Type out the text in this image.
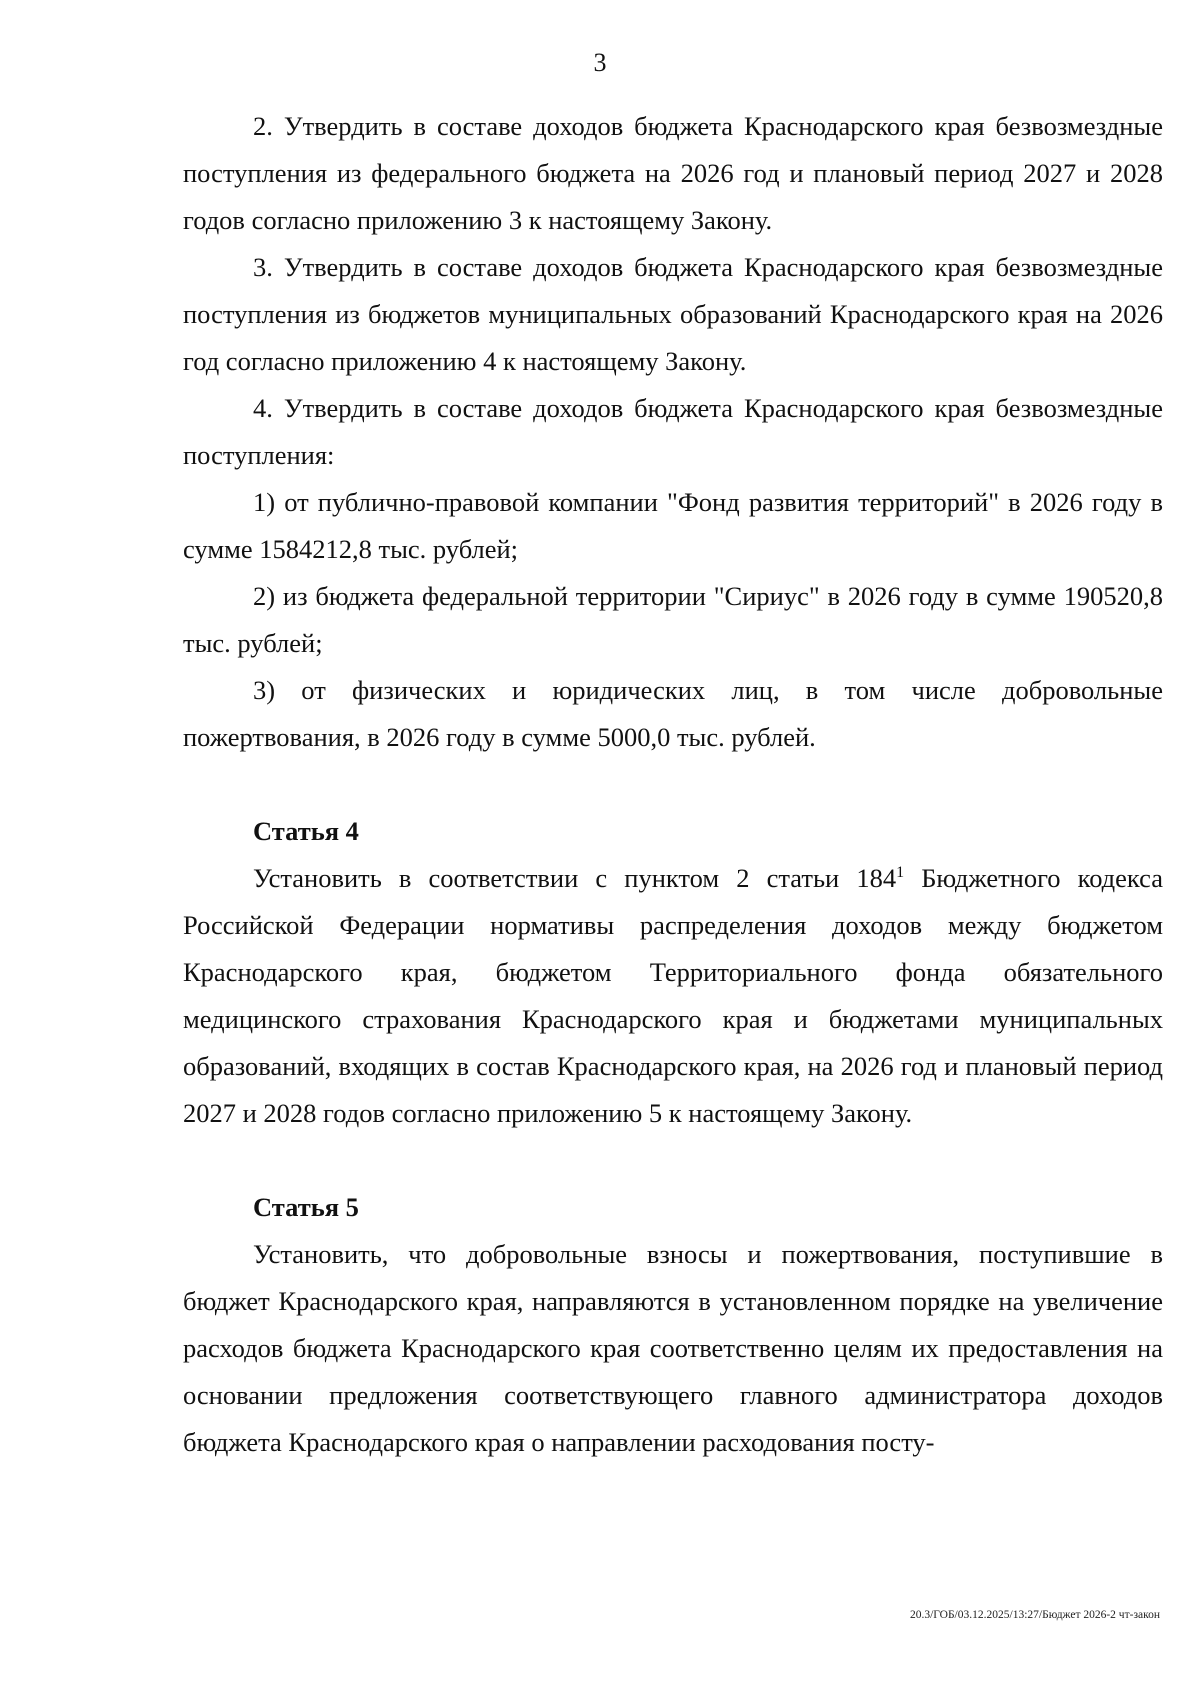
3

2. Утвердить в составе доходов бюджета Краснодарского края безвозмездные поступления из федерального бюджета на 2026 год и плановый период 2027 и 2028 годов согласно приложению 3 к настоящему Закону.

3. Утвердить в составе доходов бюджета Краснодарского края безвозмездные поступления из бюджетов муниципальных образований Краснодарского края на 2026 год согласно приложению 4 к настоящему Закону.

4. Утвердить в составе доходов бюджета Краснодарского края безвозмездные поступления:

1) от публично-правовой компании "Фонд развития территорий" в 2026 году в сумме 1584212,8 тыс. рублей;

2) из бюджета федеральной территории "Сириус" в 2026 году в сумме 190520,8 тыс. рублей;

3) от физических и юридических лиц, в том числе добровольные пожертвования, в 2026 году в сумме 5000,0 тыс. рублей.

Статья 4

Установить в соответствии с пунктом 2 статьи $184^1$ Бюджетного кодекса Российской Федерации нормативы распределения доходов между бюджетом Краснодарского края, бюджетом Территориального фонда обязательного медицинского страхования Краснодарского края и бюджетами муниципальных образований, входящих в состав Краснодарского края, на 2026 год и плановый период 2027 и 2028 годов согласно приложению 5 к настоящему Закону.

Статья 5

Установить, что добровольные взносы и пожертвования, поступившие в бюджет Краснодарского края, направляются в установленном порядке на увеличение расходов бюджета Краснодарского края соответственно целям их предоставления на основании предложения соответствующего главного администратора доходов бюджета Краснодарского края о направлении расходования посту-

20.3/ГОБ/03.12.2025/13:27/Бюджет 2026-2 чт-закон
